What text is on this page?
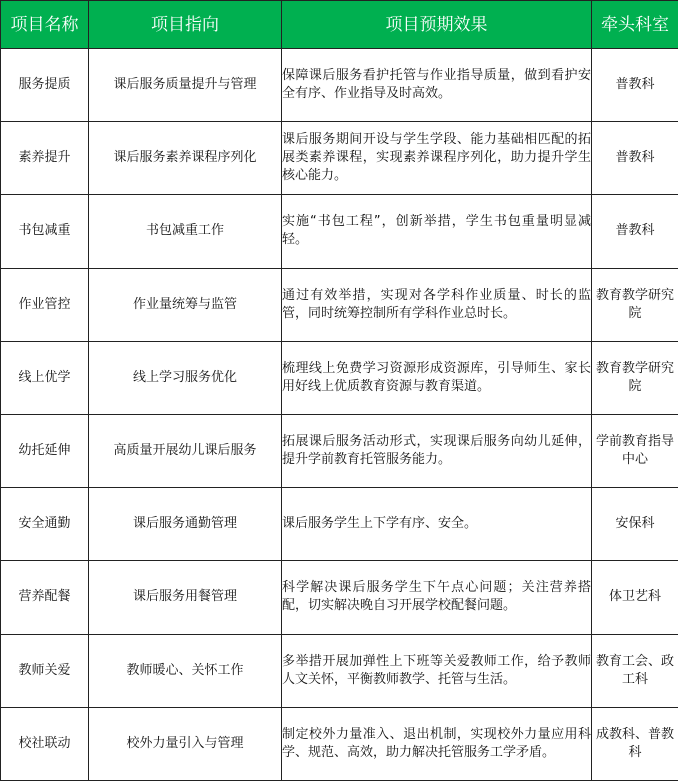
项目名称	项目指向	项目预期效果	牵头科室
服务提质	课后服务质量提升与管理	保障课后服务看护托管与作业指导质量，做到看护安全有序、作业指导及时高效。	普教科
素养提升	课后服务素养课程序列化	课后服务期间开设与学生学段、能力基础相匹配的拓展类素养课程，实现素养课程序列化，助力提升学生核心能力。	普教科
书包减重	书包减重工作	实施“书包工程”，创新举措，学生书包重量明显减轻。	普教科
作业管控	作业量统筹与监管	通过有效举措，实现对各学科作业质量、时长的监管，同时统筹控制所有学科作业总时长。	教育教学研究院
线上优学	线上学习服务优化	梳理线上免费学习资源形成资源库，引导师生、家长用好线上优质教育资源与教育渠道。	教育教学研究院
幼托延伸	高质量开展幼儿课后服务	拓展课后服务活动形式，实现课后服务向幼儿延伸，提升学前教育托管服务能力。	学前教育指导中心
安全通勤	课后服务通勤管理	课后服务学生上下学有序、安全。	安保科
营养配餐	课后服务用餐管理	科学解决课后服务学生下午点心问题；关注营养搭配，切实解决晚自习开展学校配餐问题。	体卫艺科
教师关爱	教师暖心、关怀工作	多举措开展加弹性上下班等关爱教师工作，给予教师人文关怀，平衡教师教学、托管与生活。	教育工会、政工科
校社联动	校外力量引入与管理	制定校外力量准入、退出机制，实现校外力量应用科学、规范、高效，助力解决托管服务工学矛盾。	成教科、普教科
